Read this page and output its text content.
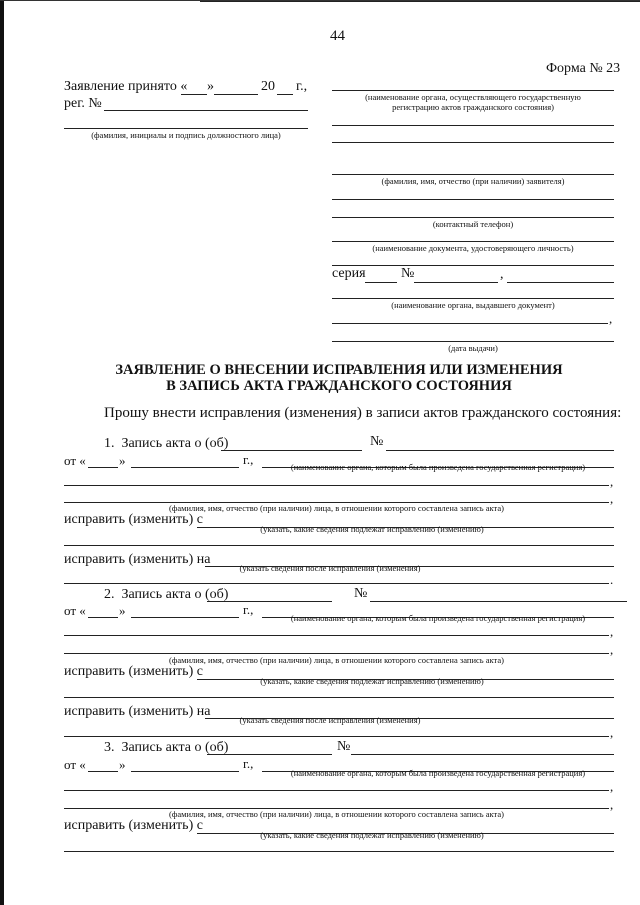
44
Форма № 23
Заявление принято « »	20 г.,
рег. №
(фамилия, инициалы и подпись должностного лица)
(наименование органа, осуществляющего государственную
регистрацию актов гражданского состояния)
(фамилия, имя, отчество (при наличии) заявителя)
(контактный телефон)
(наименование документа, удостоверяющего личность)
серия	№	,
(наименование органа, выдавшего документ)
,
(дата выдачи)
ЗАЯВЛЕНИЕ О ВНЕСЕНИИ ИСПРАВЛЕНИЯ ИЛИ ИЗМЕНЕНИЯ
В ЗАПИСЬ АКТА ГРАЖДАНСКОГО СОСТОЯНИЯ
Прошу внести исправления (изменения) в записи актов гражданского состояния:
1. Запись акта о (об)	№
от «	»	г.,	(наименование органа, которым была произведена государственная регистрация)
,
,
(фамилия, имя, отчество (при наличии) лица, в отношении которого составлена запись акта)
исправить (изменить) с
(указать, какие сведения подлежат исправлению (изменению)
исправить (изменить) на
(указать сведения после исправления (изменения)
.
2. Запись акта о (об)	№
от «	»	г.,
(наименование органа, которым была произведена государственная регистрация)
,
,
(фамилия, имя, отчество (при наличии) лица, в отношении которого составлена запись акта)
исправить (изменить) с
(указать, какие сведения подлежат исправлению (изменению)
исправить (изменить) на
(указать сведения после исправления (изменения)
,
3. Запись акта о (об)	№
от «	»	г.,
(наименование органа, которым была произведена государственная регистрация)
,
,
(фамилия, имя, отчество (при наличии) лица, в отношении которого составлена запись акта)
исправить (изменить) с
(указать, какие сведения подлежат исправлению (изменению)
